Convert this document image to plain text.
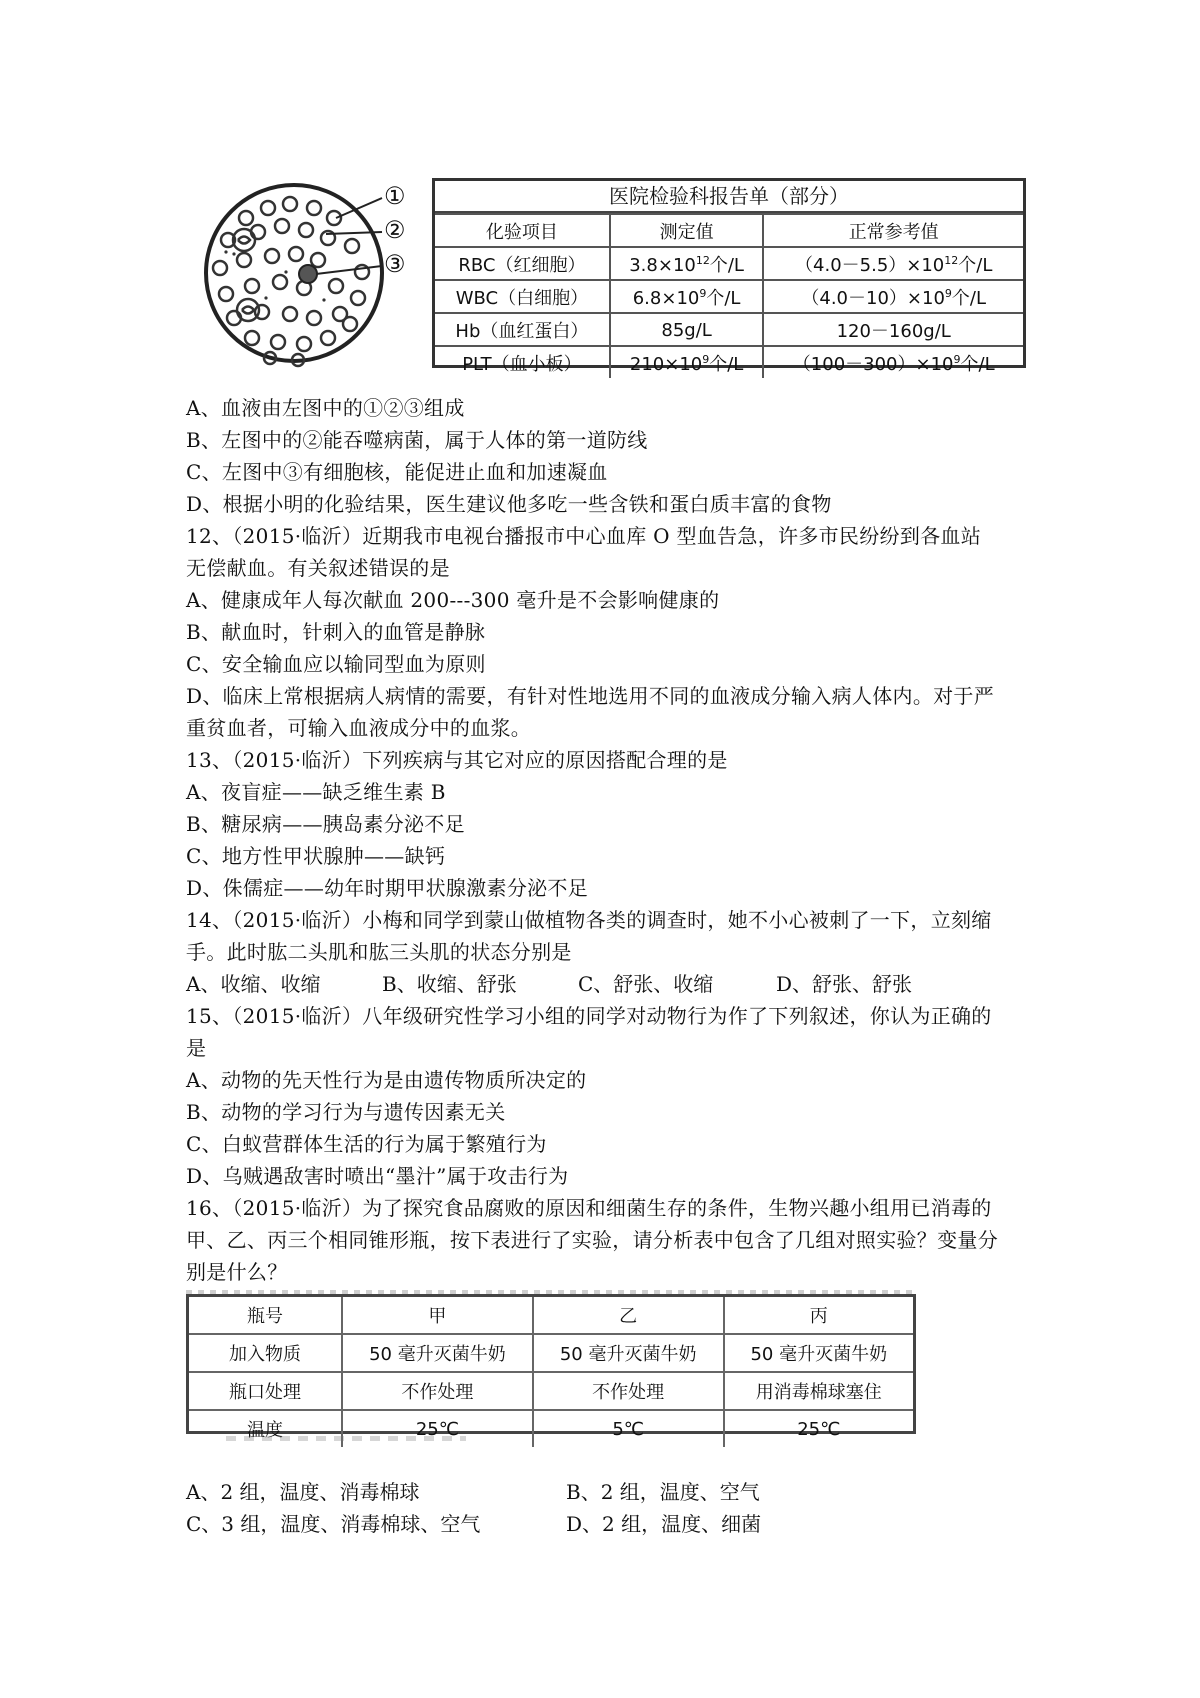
①
②
③
医院检验科报告单（部分）
化验项目	测定值	正常参考值
RBC（红细胞）	$3.8\times 10^{12}$个/L	$(4.0-5.5)\times 10^{12}$个/L
WBC（白细胞）	$6.8\times 10^9$个/L	$(4.0-10)\times 10^9$个/L
Hb（血红蛋白）	85g/L	120－160g/L
PLT（血小板）	$210\times 10^9$个/L	$(100-300)\times 10^9$个/L
A、血液由左图中的①②③组成
B、左图中的②能吞噬病菌，属于人体的第一道防线
C、左图中③有细胞核，能促进止血和加速凝血
D、根据小明的化验结果，医生建议他多吃一些含铁和蛋白质丰富的食物
12、（2015·临沂）近期我市电视台播报市中心血库 O 型血告急，许多市民纷纷到各血站
无偿献血。有关叙述错误的是
A、健康成年人每次献血 200---300 毫升是不会影响健康的
B、献血时，针刺入的血管是静脉
C、安全输血应以输同型血为原则
D、临床上常根据病人病情的需要，有针对性地选用不同的血液成分输入病人体内。对于严
重贫血者，可输入血液成分中的血浆。
13、（2015·临沂）下列疾病与其它对应的原因搭配合理的是
A、夜盲症——缺乏维生素 B
B、糖尿病——胰岛素分泌不足
C、地方性甲状腺肿——缺钙
D、侏儒症——幼年时期甲状腺激素分泌不足
14、（2015·临沂）小梅和同学到蒙山做植物各类的调查时，她不小心被刺了一下，立刻缩
手。此时肱二头肌和肱三头肌的状态分别是
A、收缩、收缩	B、收缩、舒张	C、舒张、收缩	D、舒张、舒张
15、（2015·临沂）八年级研究性学习小组的同学对动物行为作了下列叙述，你认为正确的
是
A、动物的先天性行为是由遗传物质所决定的
B、动物的学习行为与遗传因素无关
C、白蚁营群体生活的行为属于繁殖行为
D、乌贼遇敌害时喷出“墨汁”属于攻击行为
16、（2015·临沂）为了探究食品腐败的原因和细菌生存的条件，生物兴趣小组用已消毒的
甲、乙、丙三个相同锥形瓶，按下表进行了实验，请分析表中包含了几组对照实验？变量分
别是什么？
瓶号	甲	乙	丙
加入物质	50 毫升灭菌牛奶	50 毫升灭菌牛奶	50 毫升灭菌牛奶
瓶口处理	不作处理	不作处理	用消毒棉球塞住
温度	25℃	5℃	25℃
A、2 组，温度、消毒棉球	B、2 组，温度、空气
C、3 组，温度、消毒棉球、空气	D、2 组，温度、细菌
